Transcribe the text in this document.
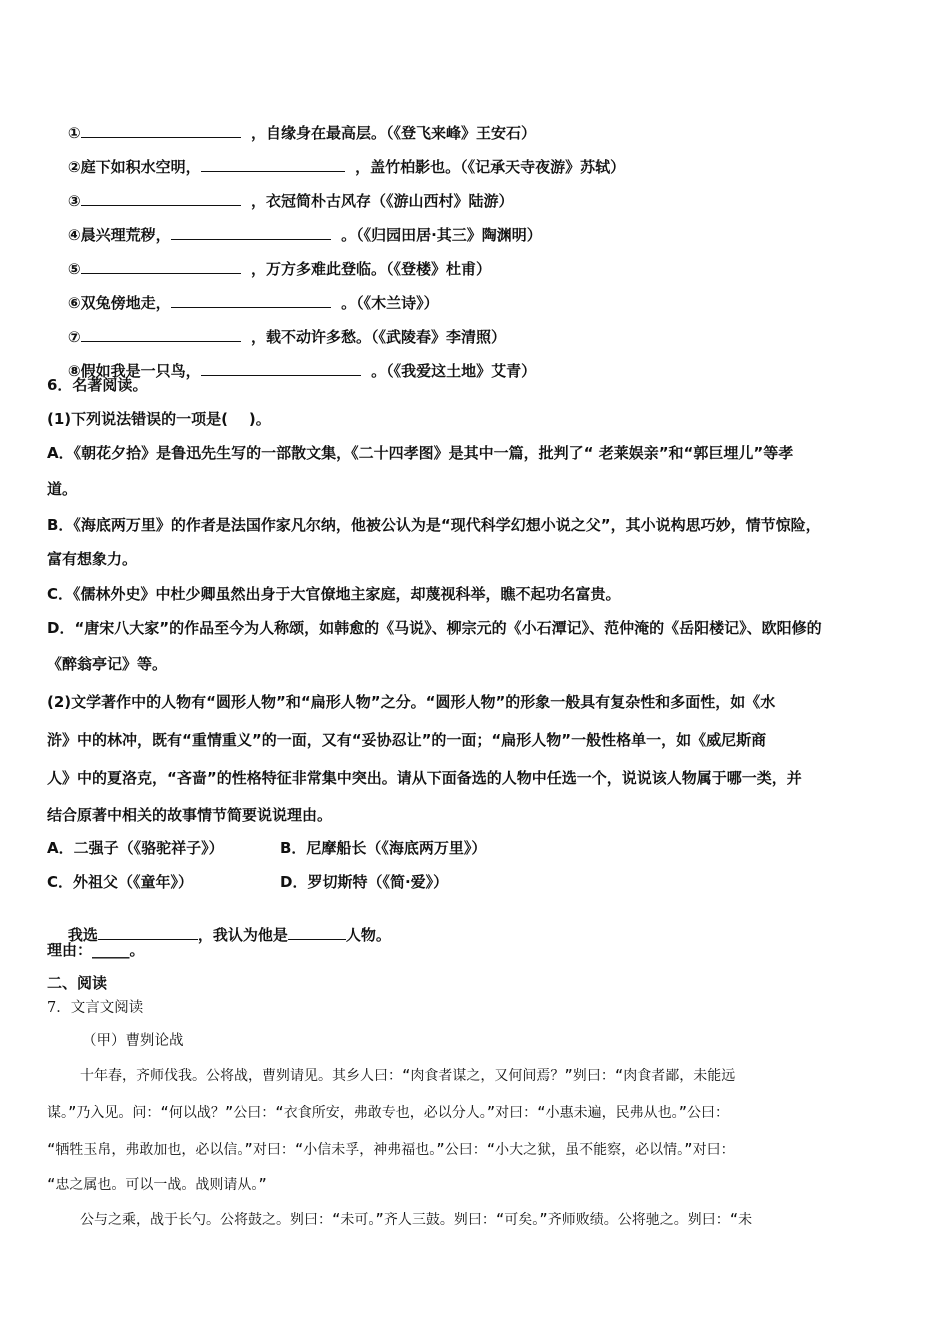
①	，自缘身在最高层。（《登飞来峰》王安石）

②庭下如积水空明，	，盖竹柏影也。（《记承天寺夜游》苏轼）

③	，衣冠简朴古风存（《游山西村》陆游）

④晨兴理荒秽，	。（《归园田居·其三》陶渊明）

⑤	，万方多难此登临。（《登楼》杜甫）

⑥双兔傍地走，	。（《木兰诗》）

⑦	，载不动许多愁。（《武陵春》李清照）

⑧假如我是一只鸟，	。（《我爱这土地》艾青）

6．名著阅读。
(1)下列说法错误的一项是(    )。
A．《朝花夕拾》是鲁迅先生写的一部散文集，《二十四孝图》是其中一篇，批判了“ 老莱娱亲”和“郭巨埋儿”等孝
道。
B．《海底两万里》的作者是法国作家凡尔纳，他被公认为是“现代科学幻想小说之父”，其小说构思巧妙，情节惊险，
富有想象力。
C．《儒林外史》中杜少卿虽然出身于大官僚地主家庭，却蔑视科举，瞧不起功名富贵。
D．“唐宋八大家”的作品至今为人称颂，如韩愈的《马说》、柳宗元的《小石潭记》、范仲淹的《岳阳楼记》、欧阳修的
《醉翁亭记》等。
(2)文学著作中的人物有“圆形人物”和“扁形人物”之分。“圆形人物”的形象一般具有复杂性和多面性，如《水
浒》中的林冲，既有“重情重义”的一面，又有“妥协忍让”的一面；“扁形人物”一般性格单一，如《威尼斯商
人》中的夏洛克，“吝啬”的性格特征非常集中突出。请从下面备选的人物中任选一个，说说该人物属于哪一类，并
结合原著中相关的故事情节简要说说理由。
A．二强子（《骆驼祥子》）	B．尼摩船长（《海底两万里》）
C．外祖父（《童年》）	D．罗切斯特（《简·爱》）

我选	，我认为他是	人物。

理由：_____。
二、阅读
7．文言文阅读
（甲）曹刿论战
十年春，齐师伐我。公将战，曹刿请见。其乡人曰：“肉食者谋之，又何间焉？”刿曰：“肉食者鄙，未能远
谋。”乃入见。问：“何以战？”公曰：“衣食所安，弗敢专也，必以分人。”对曰：“小惠未遍，民弗从也。”公曰：
“牺牲玉帛，弗敢加也，必以信。”对曰：“小信未孚，神弗福也。”公曰：“小大之狱，虽不能察，必以情。”对曰：
“忠之属也。可以一战。战则请从。”
公与之乘，战于长勺。公将鼓之。刿曰：“未可。”齐人三鼓。刿曰：“可矣。”齐师败绩。公将驰之。刿曰：“未
